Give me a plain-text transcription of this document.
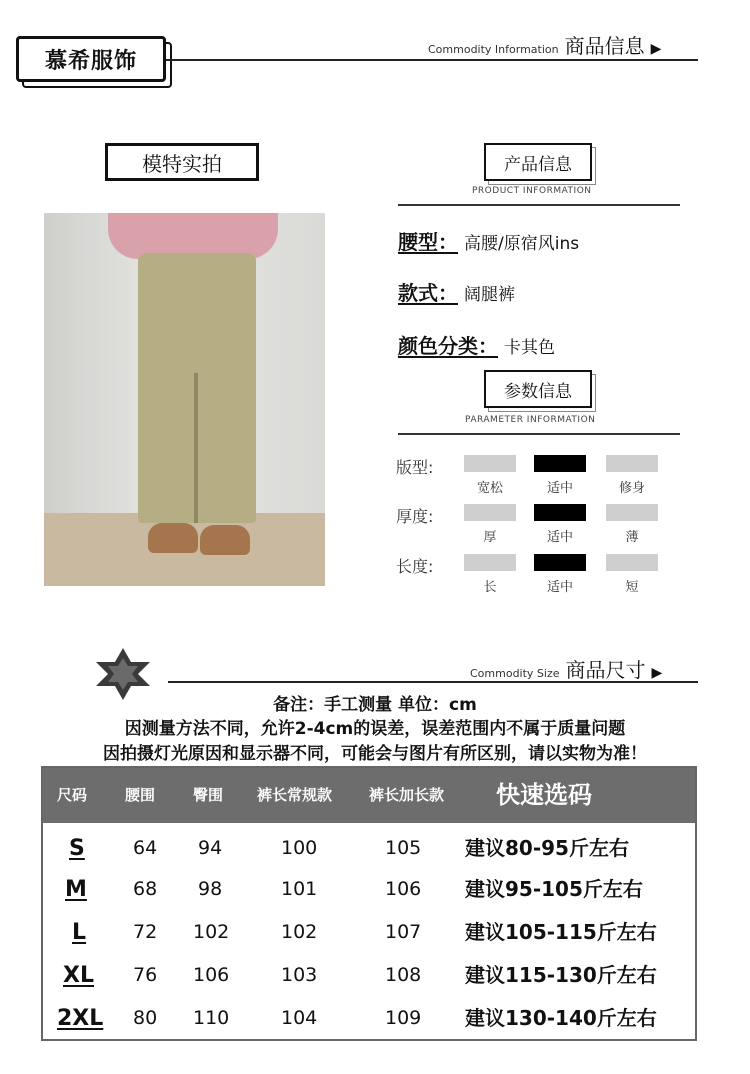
慕希服饰	Commodity Information 商品信息 ▶
模特实拍	产品信息
PRODUCT INFORMATION
腰型： 高腰/原宿风ins
款式： 阔腿裤
颜色分类： 卡其色
参数信息
PARAMETER INFORMATION
版型:
宽松	适中	修身
厚度:
厚	适中	薄
长度:
长	适中	短
Commodity Size 商品尺寸 ▶
备注：手工测量 单位：cm
因测量方法不同，允许2-4cm的误差，误差范围内不属于质量问题
因拍摄灯光原因和显示器不同，可能会与图片有所区别，请以实物为准！
尺码	腰围	臀围 裤长常规款 裤长加长款 快速选码
S	64 94	100	105 建议80-95斤左右
M 68 98	101	106 建议95-105斤左右
L 72 102	102	107 建议105-115斤左右
XL 76 106	103	108 建议115-130斤左右
2XL 80 110	104	109 建议130-140斤左右
